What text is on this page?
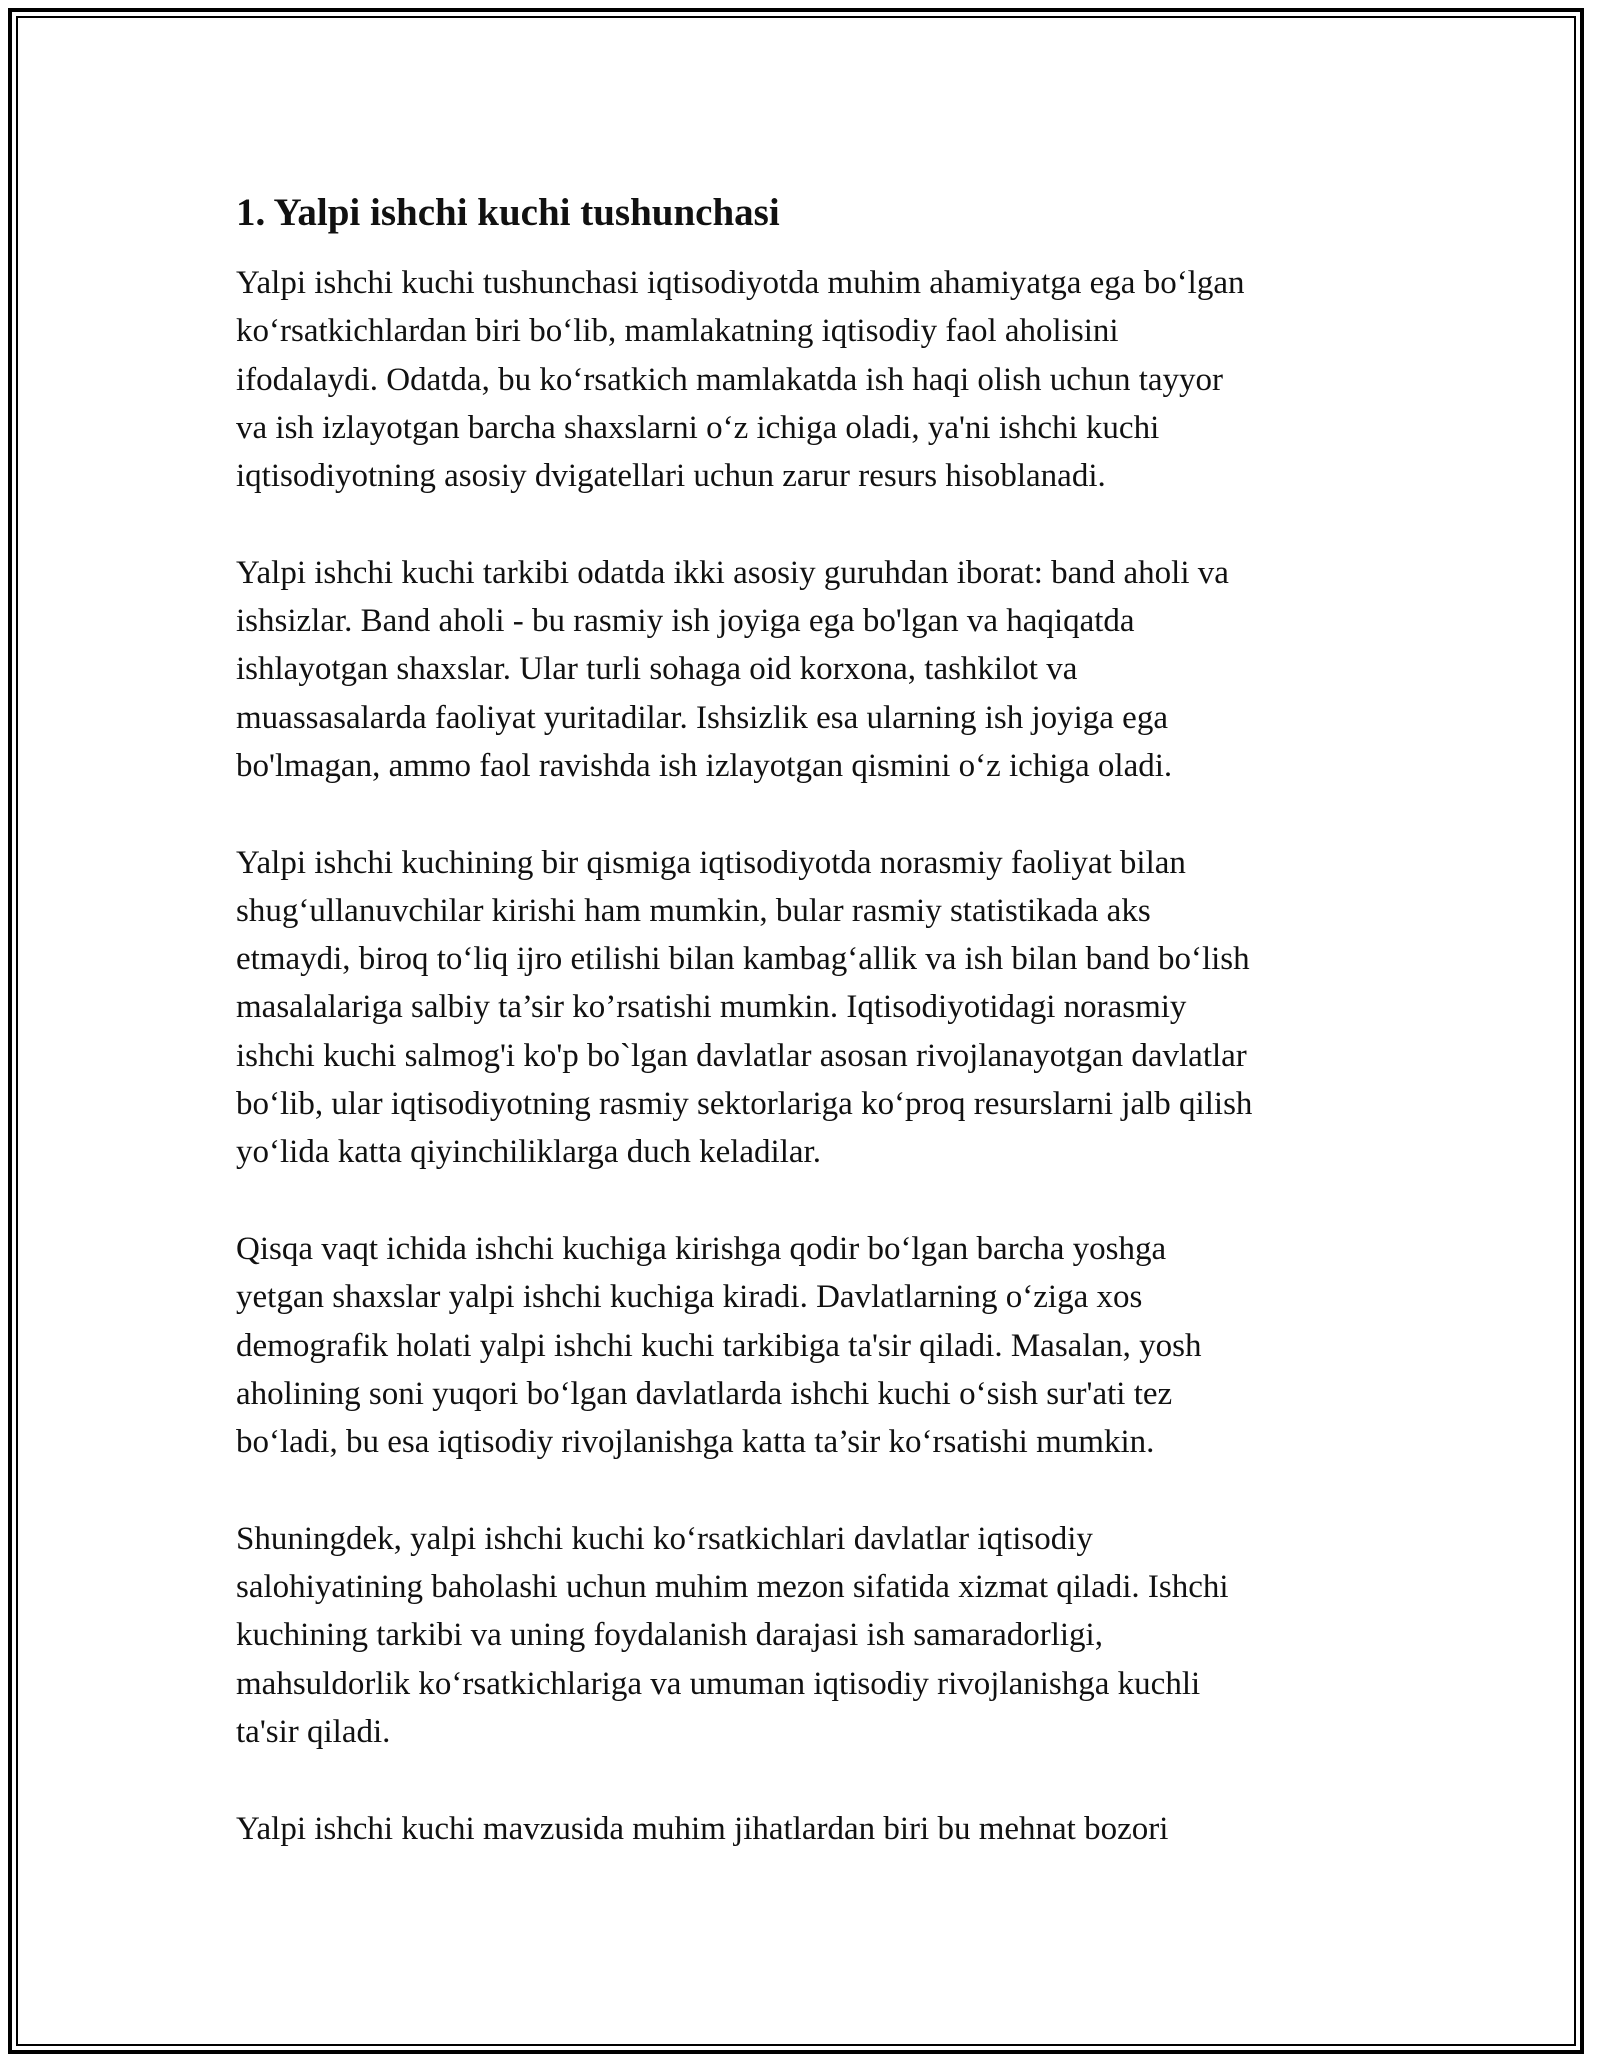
1. Yalpi ishchi kuchi tushunchasi

Yalpi ishchi kuchi tushunchasi iqtisodiyotda muhim ahamiyatga ega bo‘lgan
ko‘rsatkichlardan biri bo‘lib, mamlakatning iqtisodiy faol aholisini
ifodalaydi. Odatda, bu ko‘rsatkich mamlakatda ish haqi olish uchun tayyor
va ish izlayotgan barcha shaxslarni o‘z ichiga oladi, ya'ni ishchi kuchi
iqtisodiyotning asosiy dvigatellari uchun zarur resurs hisoblanadi.

Yalpi ishchi kuchi tarkibi odatda ikki asosiy guruhdan iborat: band aholi va
ishsizlar. Band aholi - bu rasmiy ish joyiga ega bo'lgan va haqiqatda
ishlayotgan shaxslar. Ular turli sohaga oid korxona, tashkilot va
muassasalarda faoliyat yuritadilar. Ishsizlik esa ularning ish joyiga ega
bo'lmagan, ammo faol ravishda ish izlayotgan qismini o‘z ichiga oladi.

Yalpi ishchi kuchining bir qismiga iqtisodiyotda norasmiy faoliyat bilan
shug‘ullanuvchilar kirishi ham mumkin, bular rasmiy statistikada aks
etmaydi, biroq to‘liq ijro etilishi bilan kambag‘allik va ish bilan band bo‘lish
masalalariga salbiy ta’sir ko’rsatishi mumkin. Iqtisodiyotidagi norasmiy
ishchi kuchi salmog'i ko'p bo`lgan davlatlar asosan rivojlanayotgan davlatlar
bo‘lib, ular iqtisodiyotning rasmiy sektorlariga ko‘proq resurslarni jalb qilish
yo‘lida katta qiyinchiliklarga duch keladilar.

Qisqa vaqt ichida ishchi kuchiga kirishga qodir bo‘lgan barcha yoshga
yetgan shaxslar yalpi ishchi kuchiga kiradi. Davlatlarning o‘ziga xos
demografik holati yalpi ishchi kuchi tarkibiga ta'sir qiladi. Masalan, yosh
aholining soni yuqori bo‘lgan davlatlarda ishchi kuchi o‘sish sur'ati tez
bo‘ladi, bu esa iqtisodiy rivojlanishga katta ta’sir ko‘rsatishi mumkin.

Shuningdek, yalpi ishchi kuchi ko‘rsatkichlari davlatlar iqtisodiy
salohiyatining baholashi uchun muhim mezon sifatida xizmat qiladi. Ishchi
kuchining tarkibi va uning foydalanish darajasi ish samaradorligi,
mahsuldorlik ko‘rsatkichlariga va umuman iqtisodiy rivojlanishga kuchli
ta'sir qiladi.

Yalpi ishchi kuchi mavzusida muhim jihatlardan biri bu mehnat bozori
